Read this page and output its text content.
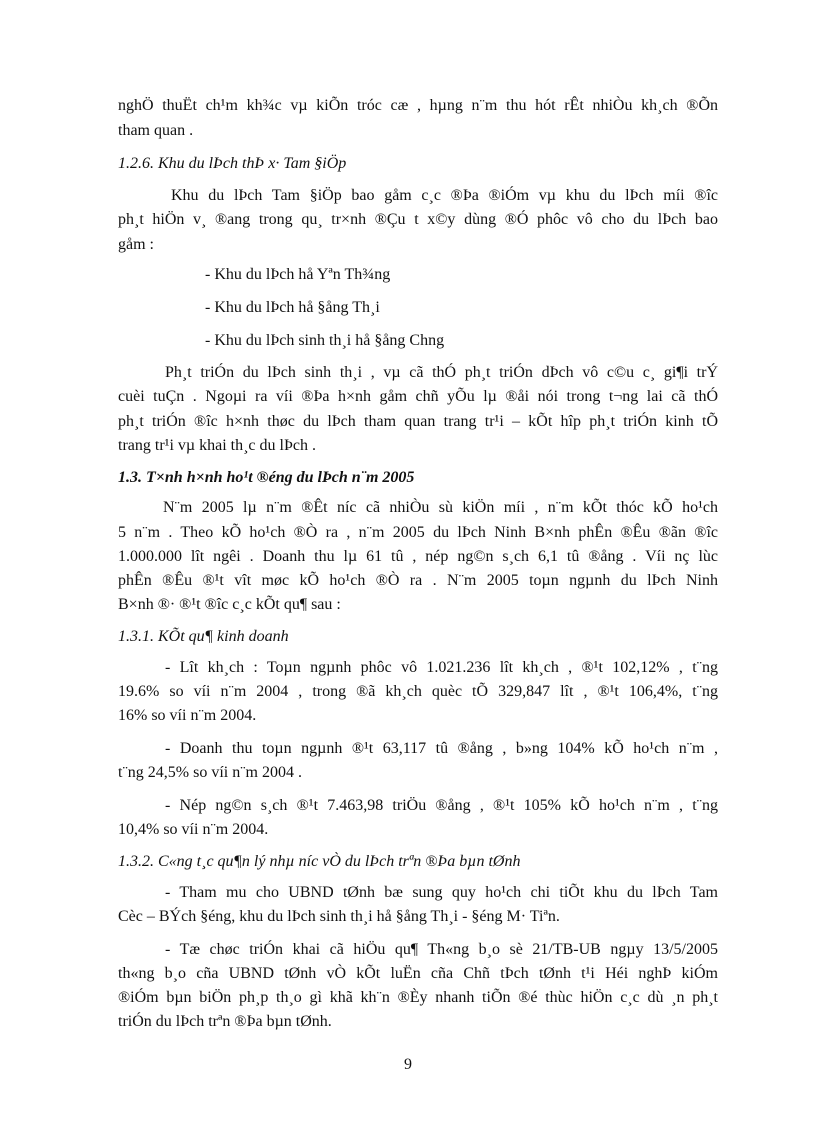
nghÖ thuËt ch¹m kh¾c vµ kiÕn tróc cæ , hµng n¨m thu hót rÊt nhiÒu kh¸ch ®Õn
tham quan .
1.2.6. Khu du lÞch thÞ x· Tam §iÖp
Khu du lÞch Tam §iÖp bao gåm c¸c ®Þa ®iÓm vµ khu du lÞch míi ®îc
ph¸t hiÖn v¸ ®ang trong qu¸ tr×nh ®Çu t x©y dùng ®Ó phôc vô cho du lÞch bao
gåm :
- Khu du lÞch hå Yªn Th¾ng
- Khu du lÞch hå §ång Th¸i
- Khu du lÞch sinh th¸i hå §ång Chng
Ph¸t triÓn du lÞch sinh th¸i , vµ cã thÓ ph¸t triÓn dÞch vô c©u c¸ gi¶i trÝ
cuèi tuÇn . Ngoµi ra víi ®Þa h×nh gåm chñ yÕu lµ ®åi nói trong t¬ng lai cã thÓ
ph¸t triÓn ®îc h×nh thøc du lÞch tham quan trang tr¹i – kÕt hîp ph¸t triÓn kinh tÕ
trang tr¹i vµ khai th¸c du lÞch .
1.3. T×nh h×nh ho¹t ®éng du lÞch n¨m 2005
N¨m 2005 lµ n¨m ®Êt níc cã nhiÒu sù kiÖn míi , n¨m kÕt thóc kÕ ho¹ch
5 n¨m . Theo kÕ ho¹ch ®Ò ra , n¨m 2005 du lÞch Ninh B×nh phÊn ®Êu ®ãn ®îc
1.000.000 lît ngêi . Doanh thu lµ 61 tû , nép ng©n s¸ch 6,1 tû ®ång . Víi nç lùc
phÊn ®Êu ®¹t vît møc kÕ ho¹ch ®Ò ra . N¨m 2005 toµn ngµnh du lÞch Ninh
B×nh ®· ®¹t ®îc c¸c kÕt qu¶ sau :
1.3.1. KÕt qu¶ kinh doanh
- Lît kh¸ch : Toµn ngµnh phôc vô 1.021.236 lît kh¸ch , ®¹t 102,12% , t¨ng
19.6% so víi n¨m 2004 , trong ®ã kh¸ch quèc tÕ 329,847 lît , ®¹t 106,4%, t¨ng
16% so víi n¨m 2004.
- Doanh thu toµn ngµnh ®¹t 63,117 tû ®ång , b»ng 104% kÕ ho¹ch n¨m ,
t¨ng 24,5% so víi n¨m 2004 .
- Nép ng©n s¸ch ®¹t 7.463,98 triÖu ®ång , ®¹t 105% kÕ ho¹ch n¨m , t¨ng
10,4% so víi n¨m 2004.
1.3.2. C«ng t¸c qu¶n lý nhµ níc vÒ du lÞch trªn ®Þa bµn tØnh
- Tham mu cho UBND tØnh bæ sung quy ho¹ch chi tiÕt khu du lÞch Tam
Cèc – BÝch §éng, khu du lÞch sinh th¸i hå §ång Th¸i - §éng M· Tiªn.
- Tæ chøc triÓn khai cã hiÖu qu¶ Th«ng b¸o sè 21/TB-UB ngµy 13/5/2005
th«ng b¸o cña UBND tØnh vÒ kÕt luËn cña Chñ tÞch tØnh t¹i Héi nghÞ kiÓm
®iÓm bµn biÖn ph¸p th¸o gì khã kh¨n ®Èy nhanh tiÕn ®é thùc hiÖn c¸c dù ¸n ph¸t
triÓn du lÞch trªn ®Þa bµn tØnh.
9
